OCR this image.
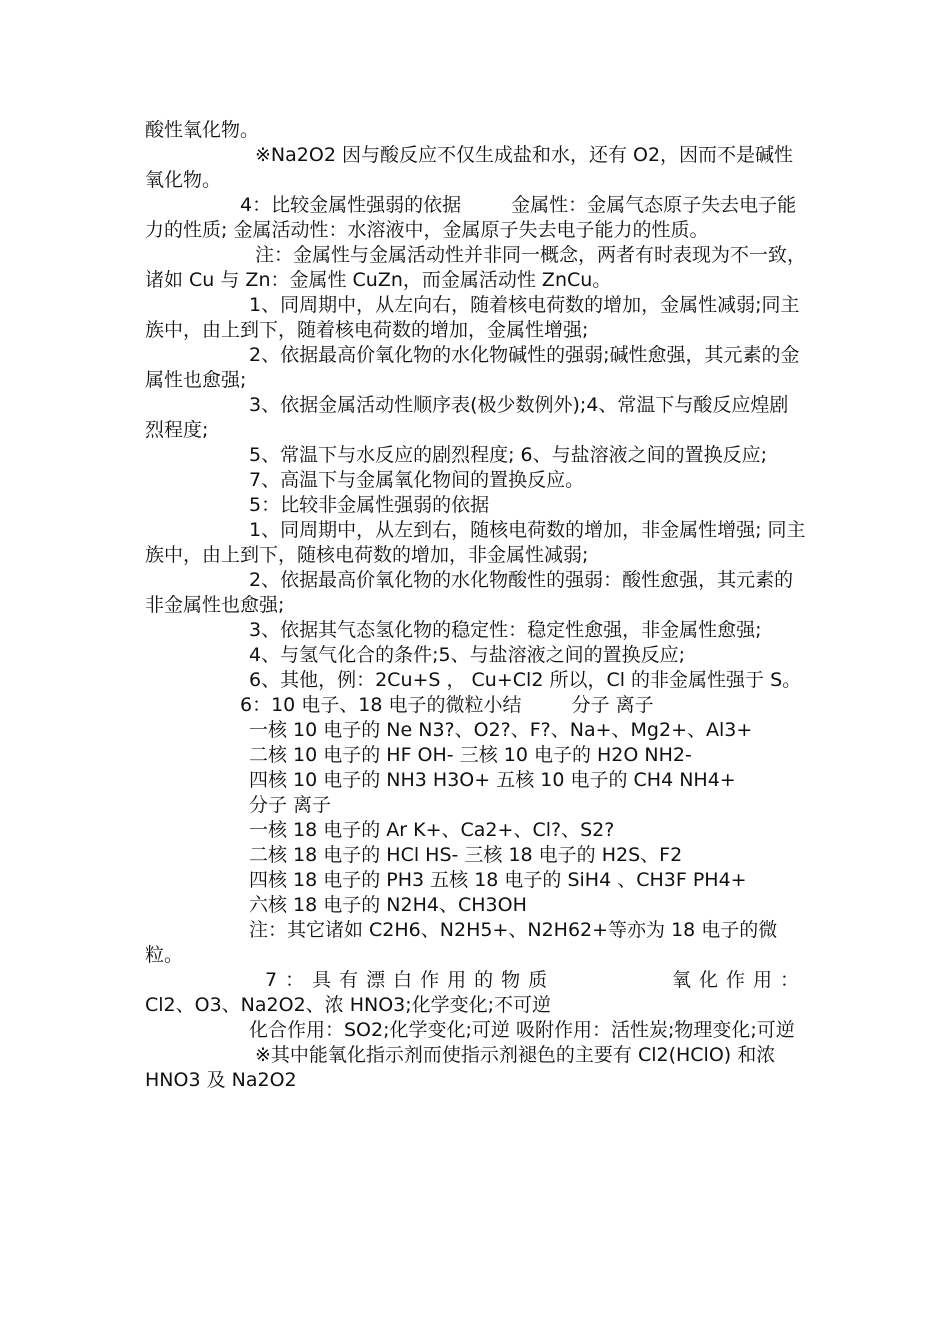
酸性氧化物。

※Na2O2 因与酸反应不仅生成盐和水，还有 O2，因而不是碱性氧化物。

4：比较金属性强弱的依据 　　 金属性：金属气态原子失去电子能力的性质; 金属活动性：水溶液中，金属原子失去电子能力的性质。

注：金属性与金属活动性并非同一概念，两者有时表现为不一致，诸如 Cu 与 Zn：金属性 CuZn，而金属活动性 ZnCu。

1、同周期中，从左向右，随着核电荷数的增加，金属性减弱;同主族中，由上到下，随着核电荷数的增加，金属性增强;

2、依据最高价氧化物的水化物碱性的强弱;碱性愈强，其元素的金属性也愈强;

3、依据金属活动性顺序表(极少数例外);4、常温下与酸反应煌剧烈程度;

5、常温下与水反应的剧烈程度; 6、与盐溶液之间的置换反应;

7、高温下与金属氧化物间的置换反应。

5：比较非金属性强弱的依据

1、同周期中，从左到右，随核电荷数的增加，非金属性增强; 同主族中，由上到下，随核电荷数的增加，非金属性减弱;

2、依据最高价氧化物的水化物酸性的强弱：酸性愈强，其元素的非金属性也愈强;

3、依据其气态氢化物的稳定性：稳定性愈强，非金属性愈强;

4、与氢气化合的条件;5、与盐溶液之间的置换反应;

6、其他，例：2Cu+S ， Cu+Cl2 所以，Cl 的非金属性强于 S。

6：10 电子、18 电子的微粒小结 　　 分子 离子

一核 10 电子的 Ne N3?、O2?、F?、Na+、Mg2+、Al3+

二核 10 电子的 HF OH- 三核 10 电子的 H2O NH2-

四核 10 电子的 NH3 H3O+ 五核 10 电子的 CH4 NH4+

分子 离子

一核 18 电子的 Ar K+、Ca2+、Cl?、S2?

二核 18 电子的 HCl HS- 三核 18 电子的 H2S、F2

四核 18 电子的 PH3 五核 18 电子的 SiH4 、CH3F PH4+

六核 18 电子的 N2H4、CH3OH

注：其它诸如 C2H6、N2H5+、N2H62+等亦为 18 电子的微粒。

7：具有漂白作用的物质	氧化作用：

Cl2、O3、Na2O2、浓 HNO3;化学变化;不可逆

化合作用：SO2;化学变化;可逆 吸附作用：活性炭;物理变化;可逆

※其中能氧化指示剂而使指示剂褪色的主要有 Cl2(HClO) 和浓 HNO3 及 Na2O2
